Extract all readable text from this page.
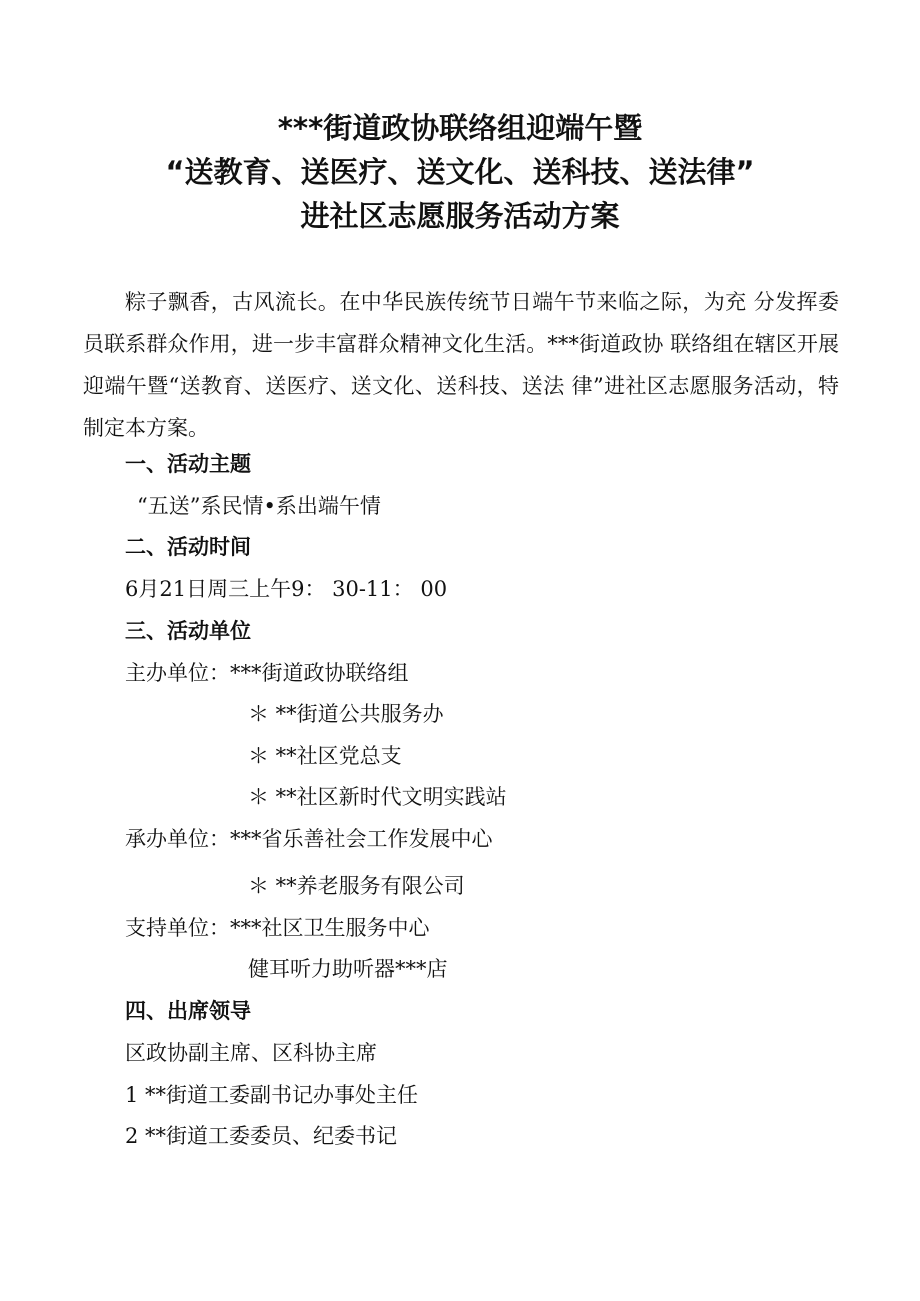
***街道政协联络组迎端午暨
“送教育、送医疗、送文化、送科技、送法律”
进社区志愿服务活动方案
粽子飘香，古风流长。在中华民族传统节日端午节来临之际，为充 分发挥委员联系群众作用，进一步丰富群众精神文化生活。***街道政协 联络组在辖区开展迎端午暨“送教育、送医疗、送文化、送科技、送法 律”进社区志愿服务活动，特制定本方案。
一、活动主题
“五送”系民情•系出端午情
二、活动时间
6月21日周三上午9： 30-11： 00
三、活动单位
主办单位：***街道政协联络组
＊ **街道公共服务办
＊ **社区党总支
＊ **社区新时代文明实践站
承办单位：***省乐善社会工作发展中心
＊ **养老服务有限公司
支持单位：***社区卫生服务中心
健耳听力助听器***店
四、出席领导
区政协副主席、区科协主席
1 **街道工委副书记办事处主任
2 **街道工委委员、纪委书记
